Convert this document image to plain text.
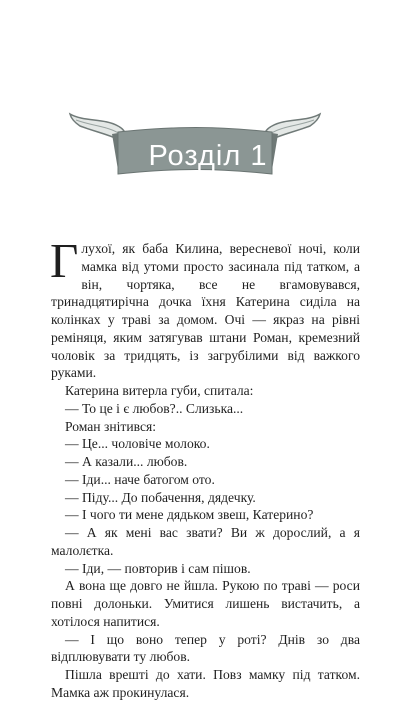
Розділ 1

Глухої, як баба Килина, вересневої ночі, коли мамка від утоми просто засинала під татком, а він, чортяка, все не вгамовувався, тринадцятирічна дочка їхня Катерина сиділа на колінках у траві за домом. Очі — якраз на рівні реміняця, яким затягував штани Роман, кремезний чоловік за тридцять, із загрубілими від важкого руками.

Катерина витерла губи, спитала:

— То це і є любов?.. Слизька...

Роман знітився:

— Це... чоловіче молоко.

— А казали... любов.

— Іди... наче батогом ото.

— Піду... До побачення, дядечку.

— І чого ти мене дядьком звеш, Катерино?

— А як мені вас звати? Ви ж дорослий, а я малолєтка.

— Іди, — повторив і сам пішов.

А вона ще довго не йшла. Рукою по траві — роси повні долоньки. Умитися лишень вистачить, а хотілося напитися.

— І що воно тепер у роті? Днів зо два відплювувати ту любов.

Пішла врешті до хати. Повз мамку під татком. Мамка аж прокинулася.
